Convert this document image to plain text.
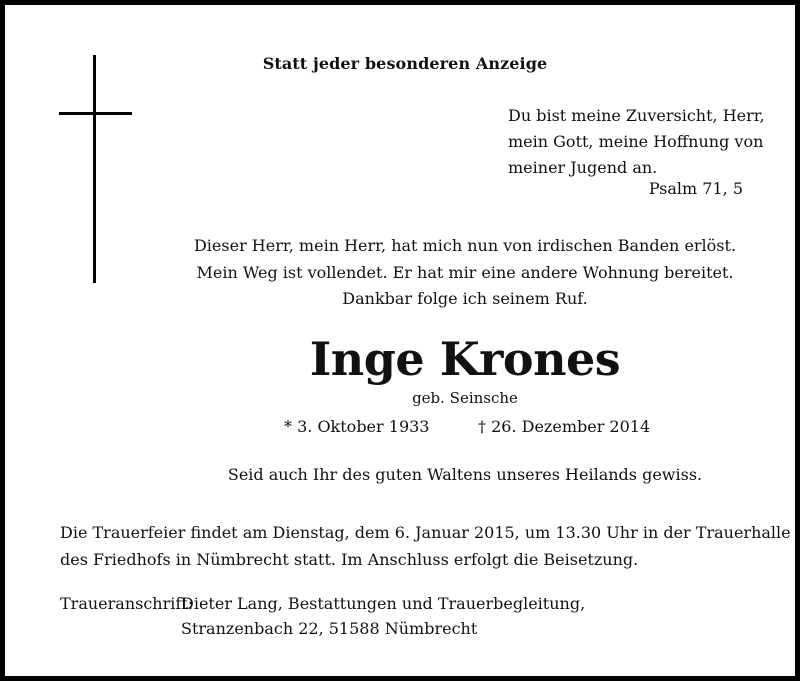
Statt jeder besonderen Anzeige
Du bist meine Zuversicht, Herr,
mein Gott, meine Hoffnung von
meiner Jugend an.
Psalm 71, 5
Dieser Herr, mein Herr, hat mich nun von irdischen Banden erlöst.
Mein Weg ist vollendet. Er hat mir eine andere Wohnung bereitet.
Dankbar folge ich seinem Ruf.
Inge Krones
geb. Seinsche
* 3. Oktober 1933	† 26. Dezember 2014
Seid auch Ihr des guten Waltens unseres Heilands gewiss.
Die Trauerfeier findet am Dienstag, dem 6. Januar 2015, um 13.30 Uhr in der Trauerhalle
des Friedhofs in Nümbrecht statt. Im Anschluss erfolgt die Beisetzung.
Traueranschrift:
Dieter Lang, Bestattungen und Trauerbegleitung,
Stranzenbach 22, 51588 Nümbrecht
